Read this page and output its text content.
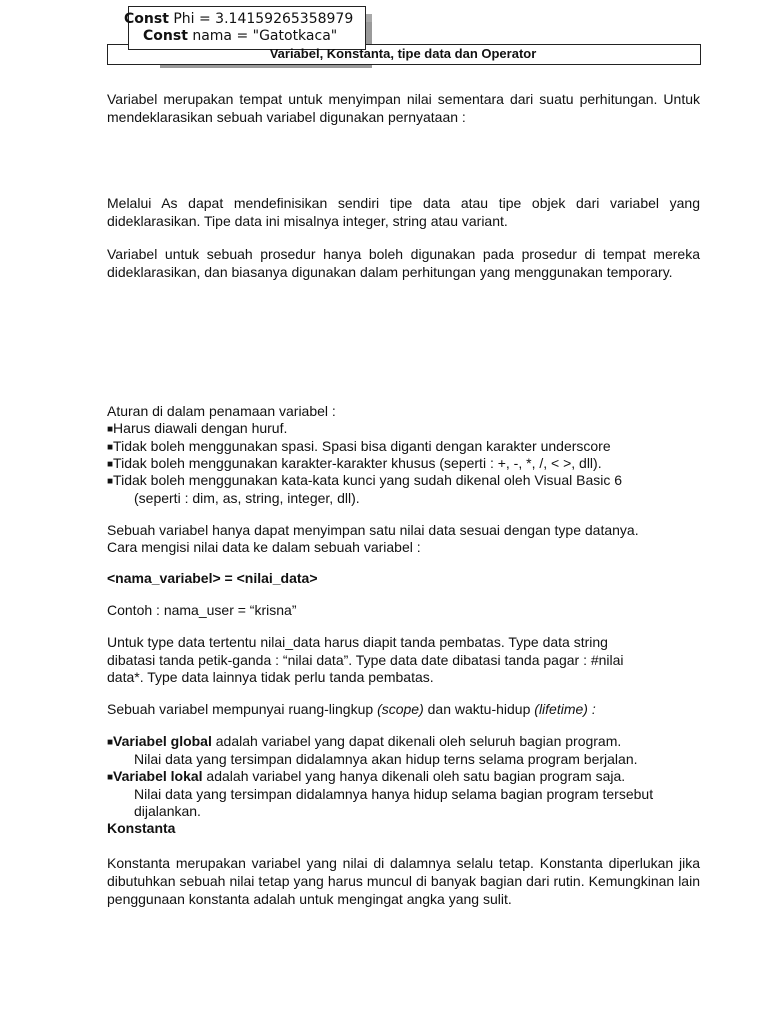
Const Phi = 3.14159265358979
Const nama = "Gatotkaca"
Variabel, Konstanta, tipe data dan Operator

Variabel merupakan tempat untuk menyimpan nilai sementara dari suatu perhitungan. Untuk mendeklarasikan sebuah variabel digunakan pernyataan :

Melalui As dapat mendefinisikan sendiri tipe data atau tipe objek dari variabel yang dideklarasikan. Tipe data ini misalnya integer, string atau variant.

Variabel untuk sebuah prosedur hanya boleh digunakan pada prosedur di tempat mereka dideklarasikan, dan biasanya digunakan dalam perhitungan yang menggunakan temporary.

Aturan di dalam penamaan variabel :
■Harus diawali dengan huruf.
■Tidak boleh menggunakan spasi. Spasi bisa diganti dengan karakter underscore
■Tidak boleh menggunakan karakter-karakter khusus (seperti : +, -, *, /, < >, dll).
■Tidak boleh menggunakan kata-kata kunci yang sudah dikenal oleh Visual Basic 6
(seperti : dim, as, string, integer, dll).
Sebuah variabel hanya dapat menyimpan satu nilai data sesuai dengan type datanya.
Cara mengisi nilai data ke dalam sebuah variabel :
<nama_variabel> = <nilai_data>
Contoh : nama_user = “krisna”
Untuk type data tertentu nilai_data harus diapit tanda pembatas. Type data string
dibatasi tanda petik-ganda : “nilai data”. Type data date dibatasi tanda pagar : #nilai
data*. Type data lainnya tidak perlu tanda pembatas.
Sebuah variabel mempunyai ruang-lingkup (scope) dan waktu-hidup (lifetime) :
■Variabel global adalah variabel yang dapat dikenali oleh seluruh bagian program.
Nilai data yang tersimpan didalamnya akan hidup terns selama program berjalan.
■Variabel lokal adalah variabel yang hanya dikenali oleh satu bagian program saja.
Nilai data yang tersimpan didalamnya hanya hidup selama bagian program tersebut
dijalankan.
Konstanta

Konstanta merupakan variabel yang nilai di dalamnya selalu tetap. Konstanta diperlukan jika dibutuhkan sebuah nilai tetap yang harus muncul di banyak bagian dari rutin. Kemungkinan lain penggunaan konstanta adalah untuk mengingat angka yang sulit.
